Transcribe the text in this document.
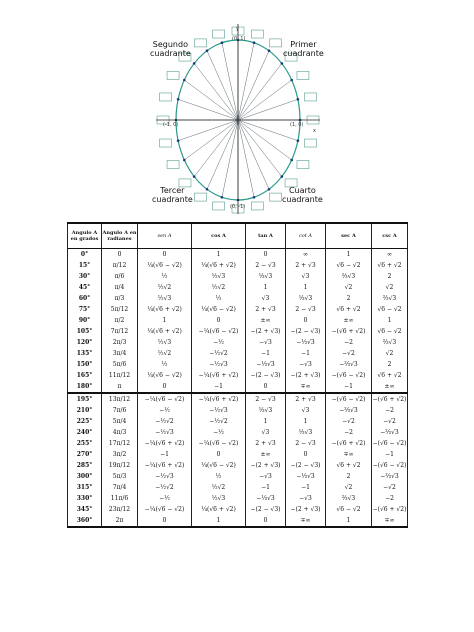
Segundo
cuadrante
Primer
cuadrante
Tercer
cuadrante
Cuarto
cuadrante
y
(0, 1)
(0, -1)
(-1, 0)	(1, 0)
x
Angulo A en grados	Angulo A en radianes	sen A	cos A	tan A	cot A	sec A	csc A
0°	0	0	1	0	∞	1	∞
15°	π/12	¼(√6 − √2)	¼(√6 + √2)	2 − √3	2 + √3	√6 − √2	√6 + √2
30°	π/6	½	½√3	⅓√3	√3	⅔√3	2
45°	π/4	½√2	½√2	1	1	√2	√2
60°	π/3	½√3	½	√3	⅓√3	2	⅔√3
75°	5π/12	¼(√6 + √2)	¼(√6 − √2)	2 + √3	2 − √3	√6 + √2	√6 − √2
90°	π/2	1	0	±∞	0	±∞	1
105°	7π/12	¼(√6 + √2)	−¼(√6 − √2)	−(2 + √3)	−(2 − √3)	−(√6 + √2)	√6 − √2
120°	2π/3	½√3	−½	−√3	−⅓√3	−2	⅔√3
135°	3π/4	½√2	−½√2	−1	−1	−√2	√2
150°	5π/6	½	−½√3	−⅓√3	−√3	−⅔√3	2
165°	11π/12	¼(√6 − √2)	−¼(√6 + √2)	−(2 − √3)	−(2 + √3)	−(√6 − √2)	√6 + √2
180°	π	0	−1	0	∓∞	−1	±∞
195°	13π/12	−¼(√6 − √2)	−¼(√6 + √2)	2 − √3	2 + √3	−(√6 − √2)	−(√6 + √2)
210°	7π/6	−½	−½√3	⅓√3	√3	−⅔√3	−2
225°	5π/4	−½√2	−½√2	1	1	−√2	−√2
240°	4π/3	−½√3	−½	√3	⅓√3	−2	−⅔√3
255°	17π/12	−¼(√6 + √2)	−¼(√6 − √2)	2 + √3	2 − √3	−(√6 + √2)	−(√6 − √2)
270°	3π/2	−1	0	±∞	0	∓∞	−1
285°	19π/12	−¼(√6 + √2)	¼(√6 − √2)	−(2 + √3)	−(2 − √3)	√6 + √2	−(√6 − √2)
300°	5π/3	−½√3	½	−√3	−⅓√3	2	−⅔√3
315°	7π/4	−½√2	½√2	−1	−1	√2	−√2
330°	11π/6	−½	½√3	−⅓√3	−√3	⅔√3	−2
345°	23π/12	−¼(√6 − √2)	¼(√6 + √2)	−(2 − √3)	−(2 + √3)	√6 − √2	−(√6 + √2)
360°	2π	0	1	0	∓∞	1	∓∞
